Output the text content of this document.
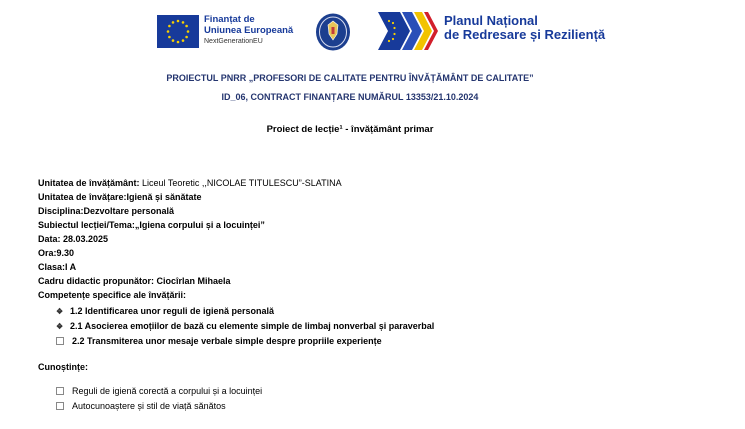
Finanțat de
Uniunea Europeană
NextGenerationEU
Planul Național
de Redresare și Reziliență
PROIECTUL PNRR „PROFESORI DE CALITATE PENTRU ÎNVĂȚĂMÂNT DE CALITATE”
ID_06, CONTRACT FINANȚARE NUMĂRUL 13353/21.10.2024
Proiect de lecție¹ - învățământ primar
Unitatea de învățământ: Liceul Teoretic ,,NICOLAE TITULESCU”-SLATINA
Unitatea de învățare:Igienă și sănătate
Disciplina:Dezvoltare personală
Subiectul lecției/Tema:„Igiena corpului și a locuinței”
Data: 28.03.2025
Ora:9.30
Clasa:I A
Cadru didactic propunător: Ciocîrlan Mihaela
Competențe specifice ale învățării:
❖ 1.2 Identificarea unor reguli de igienă personală
❖ 2.1 Asocierea emoțiilor de bază cu elemente simple de limbaj nonverbal și paraverbal
2.2 Transmiterea unor mesaje verbale simple despre propriile experiențe
Cunoștințe:
Reguli de igienă corectă a corpului și a locuinței
Autocunoaștere și stil de viață sănătos
